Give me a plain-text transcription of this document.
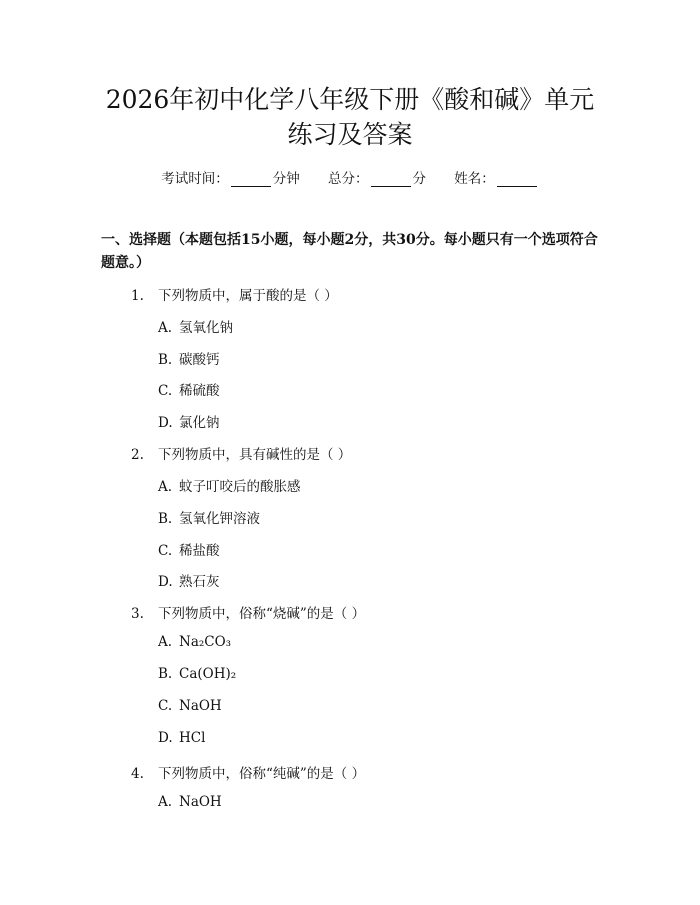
2026年初中化学八年级下册《酸和碱》单元
练习及答案
考试时间：	分钟 总分：	分 姓名：
一、选择题（本题包括15小题，每小题2分，共30分。每小题只有一个选项符合题意。）
1. 下列物质中，属于酸的是（ ）
A. 氢氧化钠
B. 碳酸钙
C. 稀硫酸
D. 氯化钠
2. 下列物质中，具有碱性的是（ ）
A. 蚊子叮咬后的酸胀感
B. 氢氧化钾溶液
C. 稀盐酸
D. 熟石灰
3. 下列物质中，俗称“烧碱”的是（ ）
A. Na₂CO₃
B. Ca(OH)₂
C. NaOH
D. HCl
4. 下列物质中，俗称“纯碱”的是（ ）
A. NaOH
